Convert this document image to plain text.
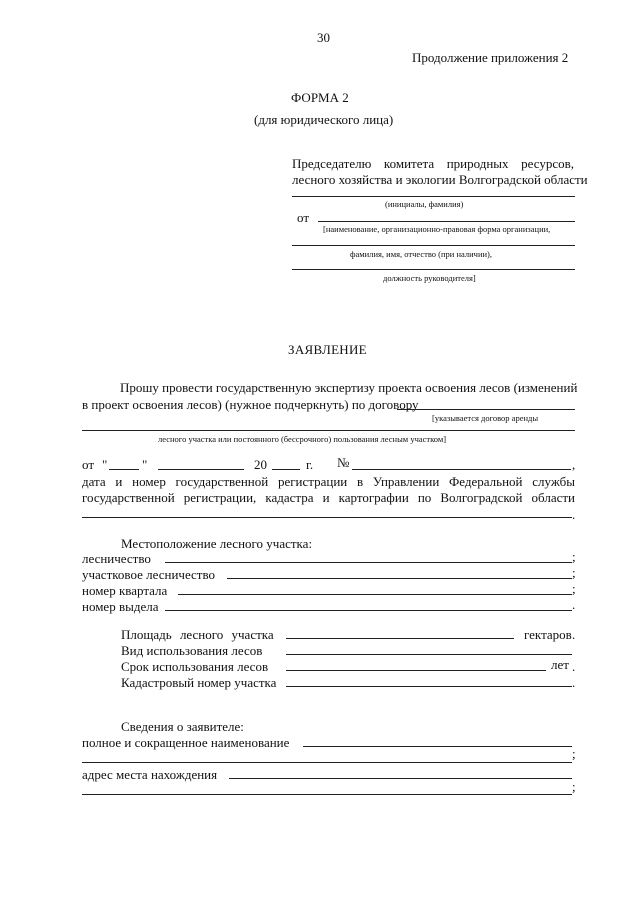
30
Продолжение приложения 2
ФОРМА 2
(для юридического лица)
Председателю комитета природных ресурсов,
лесного хозяйства и экологии Волгоградской области
(инициалы, фамилия)
от
[наименование, организационно-правовая форма организации,
фамилия, имя, отчество (при наличии),
должность руководителя]
ЗАЯВЛЕНИЕ
Прошу провести государственную экспертизу проекта освоения лесов (изменений
в проект освоения лесов) (нужное подчеркнуть) по договору
[указывается договор аренды
лесного участка или постоянного (бессрочного) пользования лесным участком]
от "	"	20	г. №	,
дата и номер государственной регистрации в Управлении Федеральной службы
государственной регистрации, кадастра и картографии по Волгоградской области
.
Местоположение лесного участка:
лесничество	;
участковое лесничество	;
номер квартала	;
номер выдела	.
Площадь лесного участка	гектаров .
Вид использования лесов
Срок использования лесов	лет .
Кадастровый номер участка	.
Сведения о заявителе:
полное и сокращенное наименование
;
адрес места нахождения
;
